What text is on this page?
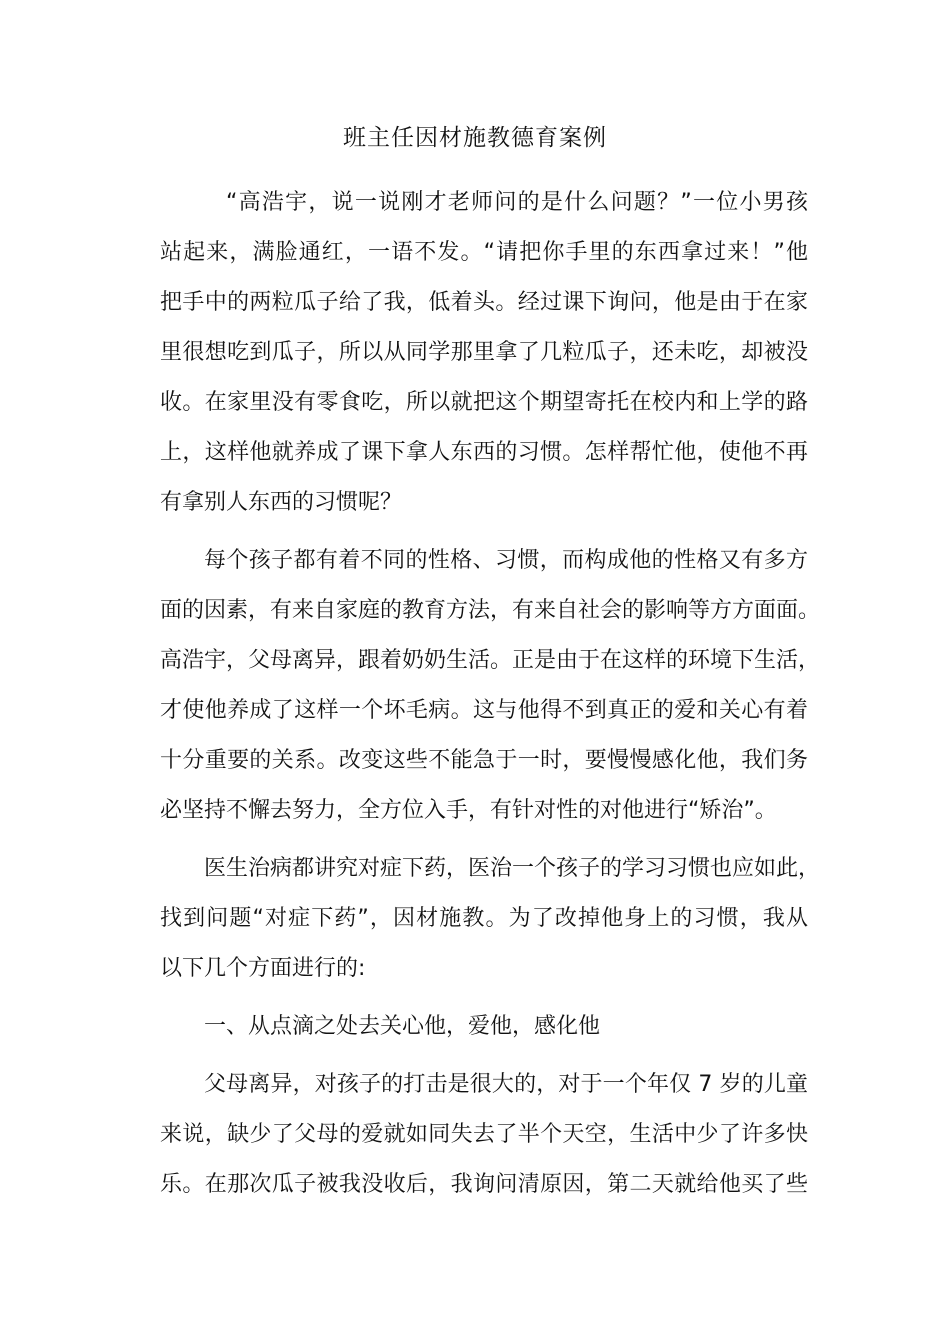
班主任因材施教德育案例
“高浩宇，说一说刚才老师问的是什么问题？”一位小男孩
站起来，满脸通红，一语不发。“请把你手里的东西拿过来！”他
把手中的两粒瓜子给了我，低着头。经过课下询问，他是由于在家
里很想吃到瓜子，所以从同学那里拿了几粒瓜子，还未吃，却被没
收。在家里没有零食吃，所以就把这个期望寄托在校内和上学的路
上，这样他就养成了课下拿人东西的习惯。怎样帮忙他，使他不再
有拿别人东西的习惯呢？
每个孩子都有着不同的性格、习惯，而构成他的性格又有多方
面的因素，有来自家庭的教育方法，有来自社会的影响等方方面面。
高浩宇，父母离异，跟着奶奶生活。正是由于在这样的环境下生活，
才使他养成了这样一个坏毛病。这与他得不到真正的爱和关心有着
十分重要的关系。改变这些不能急于一时，要慢慢感化他，我们务
必坚持不懈去努力，全方位入手，有针对性的对他进行“矫治”。
医生治病都讲究对症下药，医治一个孩子的学习习惯也应如此，
找到问题“对症下药”，因材施教。为了改掉他身上的习惯，我从
以下几个方面进行的:
一、从点滴之处去关心他，爱他，感化他
父母离异，对孩子的打击是很大的，对于一个年仅 7 岁的儿童
来说，缺少了父母的爱就如同失去了半个天空，生活中少了许多快
乐。在那次瓜子被我没收后，我询问清原因，第二天就给他买了些
